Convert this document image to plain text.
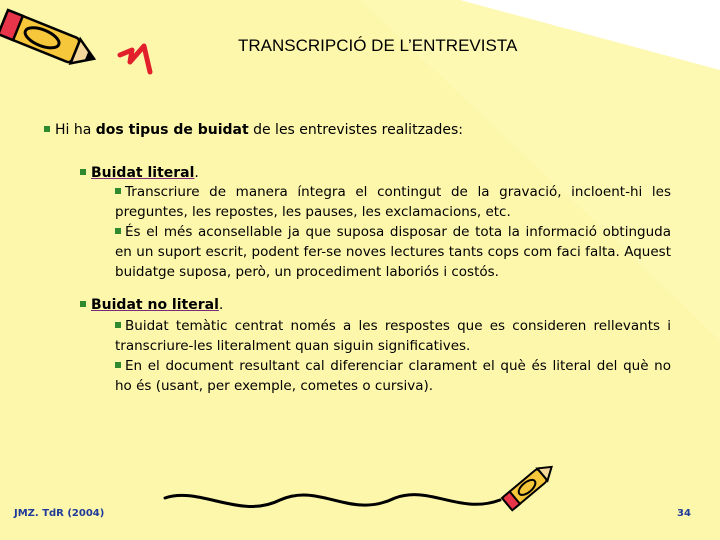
TRANSCRIPCIÓ DE L’ENTREVISTA
Hi ha dos tipus de buidat de les entrevistes realitzades:
Buidat literal.
Transcriure de manera íntegra el contingut de la gravació, incloent-hi les preguntes, les repostes, les pauses, les exclamacions, etc.
És el més aconsellable ja que suposa disposar de tota la informació obtinguda en un suport escrit, podent fer-se noves lectures tants cops com faci falta. Aquest buidatge suposa, però, un procediment laboriós i costós.
Buidat no literal.
Buidat temàtic centrat només a les respostes que es consideren rellevants i transcriure-les literalment quan siguin significatives.
En el document resultant cal diferenciar clarament el què és literal del què no ho és (usant, per exemple, cometes o cursiva).
JMZ. TdR (2004)	34
